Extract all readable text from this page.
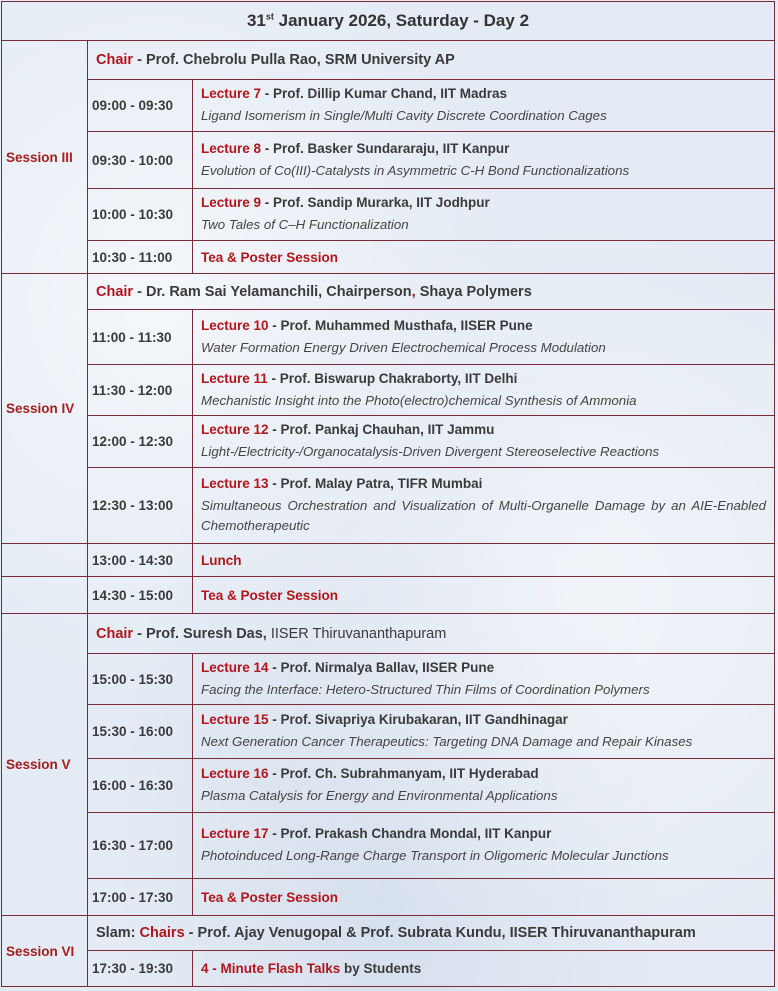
31st January 2026, Saturday - Day 2		
Session III	Chair - Prof. Chebrolu Pulla Rao, SRM University AP	
	09:00 - 09:30	Lecture 7 - Prof. Dillip Kumar Chand, IIT Madras
Ligand Isomerism in Single/Multi Cavity Discrete Coordination Cages

	09:30 - 10:00	Lecture 8 - Prof. Basker Sundararaju, IIT Kanpur
Evolution of Co(III)-Catalysts in Asymmetric C-H Bond Functionalizations

	10:00 - 10:30	Lecture 9 - Prof. Sandip Murarka, IIT Jodhpur
Two Tales of C–H Functionalization

	10:30 - 11:00	Tea & Poster Session
Session IV	Chair - Dr. Ram Sai Yelamanchili, Chairperson, Shaya Polymers	
	11:00 - 11:30	Lecture 10 - Prof. Muhammed Musthafa, IISER Pune
Water Formation Energy Driven Electrochemical Process Modulation

	11:30 - 12:00	Lecture 11 - Prof. Biswarup Chakraborty, IIT Delhi
Mechanistic Insight into the Photo(electro)chemical Synthesis of Ammonia

	12:00 - 12:30	Lecture 12 - Prof. Pankaj Chauhan, IIT Jammu
Light-/Electricity-/Organocatalysis-Driven Divergent Stereoselective Reactions

	12:30 - 13:00	Lecture 13 - Prof. Malay Patra, TIFR Mumbai
Simultaneous Orchestration and Visualization of Multi-Organelle Damage by an AIE-Enabled Chemotherapeutic

	13:00 - 14:30	Lunch
	14:30 - 15:00	Tea & Poster Session
Session V	Chair - Prof. Suresh Das, IISER Thiruvananthapuram	
	15:00 - 15:30	Lecture 14 - Prof. Nirmalya Ballav, IISER Pune
Facing the Interface: Hetero-Structured Thin Films of Coordination Polymers

	15:30 - 16:00	Lecture 15 - Prof. Sivapriya Kirubakaran, IIT Gandhinagar
Next Generation Cancer Therapeutics: Targeting DNA Damage and Repair Kinases

	16:00 - 16:30	Lecture 16 - Prof. Ch. Subrahmanyam, IIT Hyderabad
Plasma Catalysis for Energy and Environmental Applications

	16:30 - 17:00	Lecture 17 - Prof. Prakash Chandra Mondal, IIT Kanpur
Photoinduced Long-Range Charge Transport in Oligomeric Molecular Junctions

	17:00 - 17:30	Tea & Poster Session
Session VI	Slam: Chairs - Prof. Ajay Venugopal & Prof. Subrata Kundu, IISER Thiruvananthapuram	
	17:30 - 19:30	4 - Minute Flash Talks by Students
